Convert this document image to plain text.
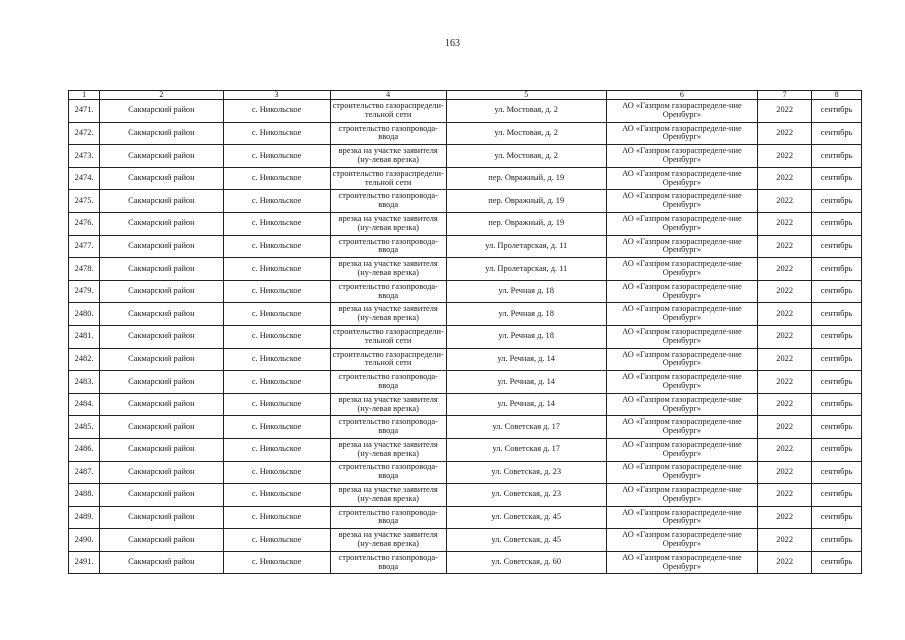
163
1	2	3	4	5	6	7	8
2471.	Сакмарский район	с. Никольское	строительство газораспредели-тельной сети	ул. Мостовая, д. 2	АО «Газпром газораспределе-ние Оренбург»	2022	сентябрь
2472.	Сакмарский район	с. Никольское	строительство газопровода-ввода	ул. Мостовая, д. 2	АО «Газпром газораспределе-ние Оренбург»	2022	сентябрь
2473.	Сакмарский район	с. Никольское	врезка на участке заявителя (ну-левая врезка)	ул. Мостовая, д. 2	АО «Газпром газораспределе-ние Оренбург»	2022	сентябрь
2474.	Сакмарский район	с. Никольское	строительство газораспредели-тельной сети	пер. Овражный, д. 19	АО «Газпром газораспределе-ние Оренбург»	2022	сентябрь
2475.	Сакмарский район	с. Никольское	строительство газопровода-ввода	пер. Овражный, д. 19	АО «Газпром газораспределе-ние Оренбург»	2022	сентябрь
2476.	Сакмарский район	с. Никольское	врезка на участке заявителя (ну-левая врезка)	пер. Овражный, д. 19	АО «Газпром газораспределе-ние Оренбург»	2022	сентябрь
2477.	Сакмарский район	с. Никольское	строительство газопровода-ввода	ул. Пролетарская, д. 11	АО «Газпром газораспределе-ние Оренбург»	2022	сентябрь
2478.	Сакмарский район	с. Никольское	врезка на участке заявителя (ну-левая врезка)	ул. Пролетарская, д. 11	АО «Газпром газораспределе-ние Оренбург»	2022	сентябрь
2479.	Сакмарский район	с. Никольское	строительство газопровода-ввода	ул. Речная д. 18	АО «Газпром газораспределе-ние Оренбург»	2022	сентябрь
2480.	Сакмарский район	с. Никольское	врезка на участке заявителя (ну-левая врезка)	ул. Речная д. 18	АО «Газпром газораспределе-ние Оренбург»	2022	сентябрь
2481.	Сакмарский район	с. Никольское	строительство газораспредели-тельной сети	ул. Речная д. 18	АО «Газпром газораспределе-ние Оренбург»	2022	сентябрь
2482.	Сакмарский район	с. Никольское	строительство газораспредели-тельной сети	ул. Речная, д. 14	АО «Газпром газораспределе-ние Оренбург»	2022	сентябрь
2483.	Сакмарский район	с. Никольское	строительство газопровода-ввода	ул. Речная, д. 14	АО «Газпром газораспределе-ние Оренбург»	2022	сентябрь
2484.	Сакмарский район	с. Никольское	врезка на участке заявителя (ну-левая врезка)	ул. Речная, д. 14	АО «Газпром газораспределе-ние Оренбург»	2022	сентябрь
2485.	Сакмарский район	с. Никольское	строительство газопровода-ввода	ул. Советская д. 17	АО «Газпром газораспределе-ние Оренбург»	2022	сентябрь
2486.	Сакмарский район	с. Никольское	врезка на участке заявителя (ну-левая врезка)	ул. Советская д. 17	АО «Газпром газораспределе-ние Оренбург»	2022	сентябрь
2487.	Сакмарский район	с. Никольское	строительство газопровода-ввода	ул. Советская, д. 23	АО «Газпром газораспределе-ние Оренбург»	2022	сентябрь
2488.	Сакмарский район	с. Никольское	врезка на участке заявителя (ну-левая врезка)	ул. Советская, д. 23	АО «Газпром газораспределе-ние Оренбург»	2022	сентябрь
2489.	Сакмарский район	с. Никольское	строительство газопровода-ввода	ул. Советская, д. 45	АО «Газпром газораспределе-ние Оренбург»	2022	сентябрь
2490.	Сакмарский район	с. Никольское	врезка на участке заявителя (ну-левая врезка)	ул. Советская, д. 45	АО «Газпром газораспределе-ние Оренбург»	2022	сентябрь
2491.	Сакмарский район	с. Никольское	строительство газопровода-ввода	ул. Советская, д. 60	АО «Газпром газораспределе-ние Оренбург»	2022	сентябрь
